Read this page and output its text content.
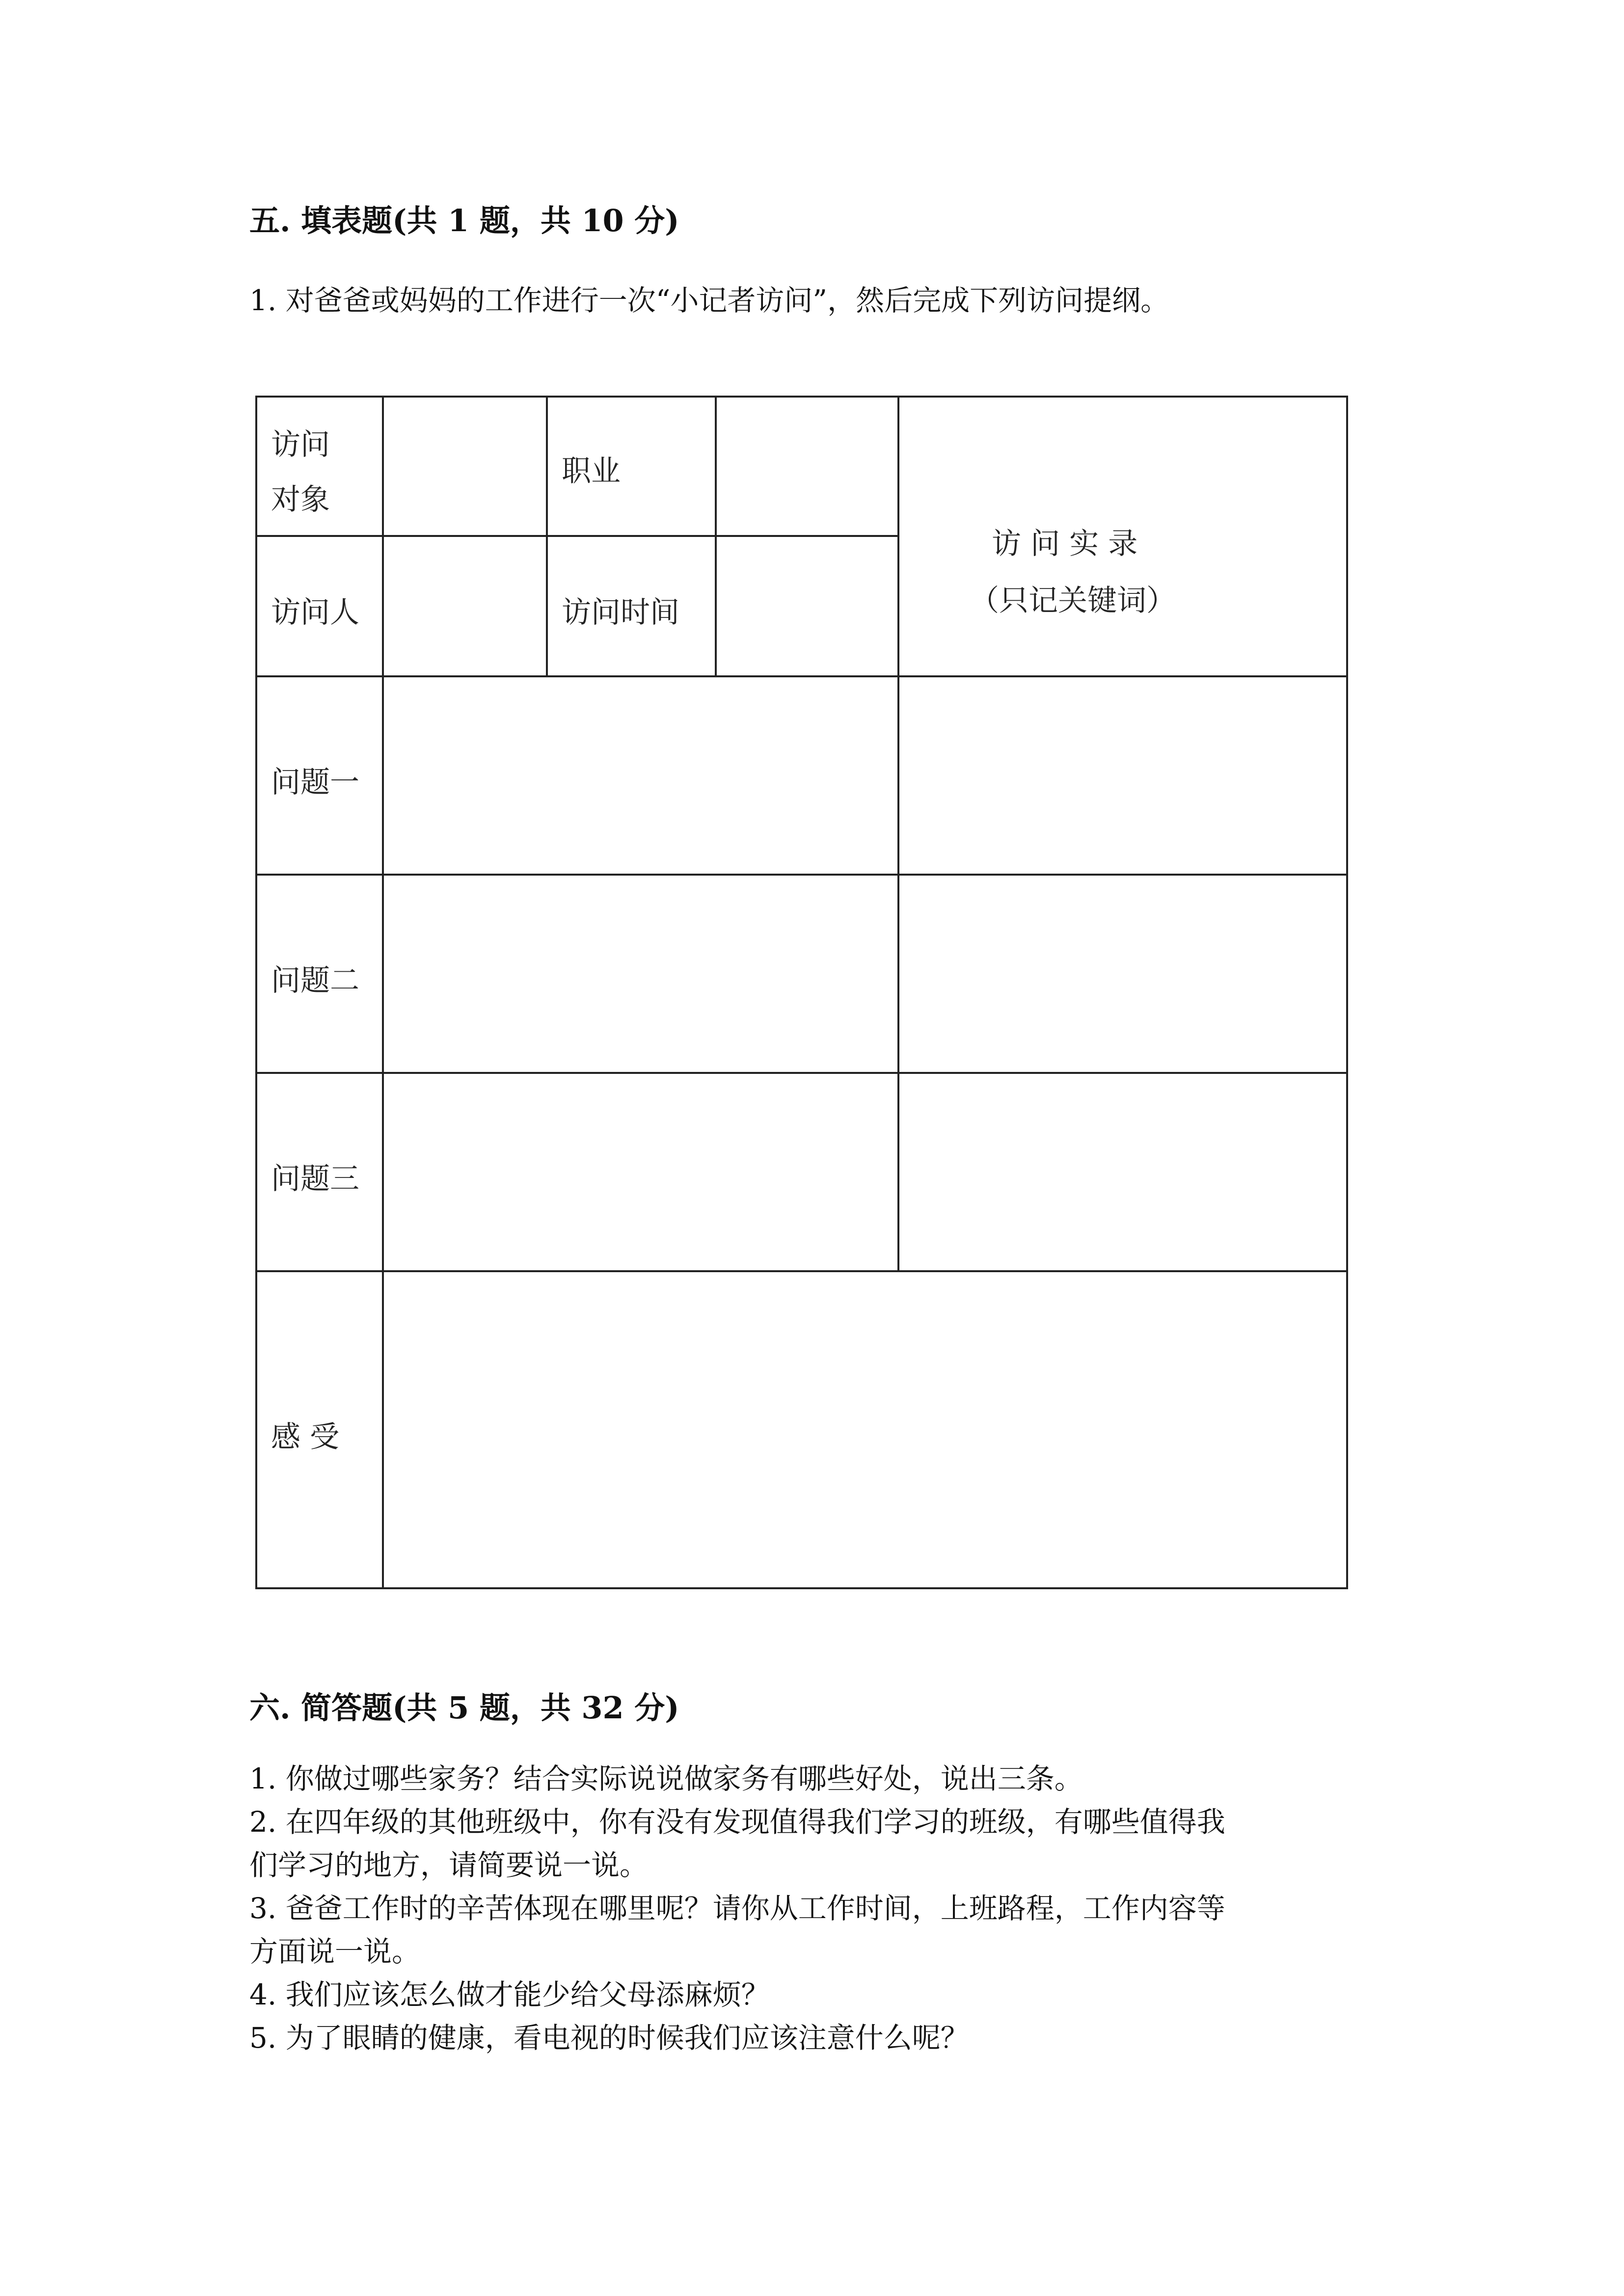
五. 填表题(共 1 题，共 10 分)
1. 对爸爸或妈妈的工作进行一次“小记者访问”，然后完成下列访问提纲。
访问
对象
职业
访问人	访问时间
访 问 实 录
（只记关键词）
问题一
问题二
问题三
感 受
六. 简答题(共 5 题，共 32 分)
1. 你做过哪些家务？结合实际说说做家务有哪些好处，说出三条。
2. 在四年级的其他班级中，你有没有发现值得我们学习的班级，有哪些值得我
们学习的地方，请简要说一说。
3. 爸爸工作时的辛苦体现在哪里呢？请你从工作时间，上班路程，工作内容等
方面说一说。
4. 我们应该怎么做才能少给父母添麻烦？
5. 为了眼睛的健康，看电视的时候我们应该注意什么呢？
